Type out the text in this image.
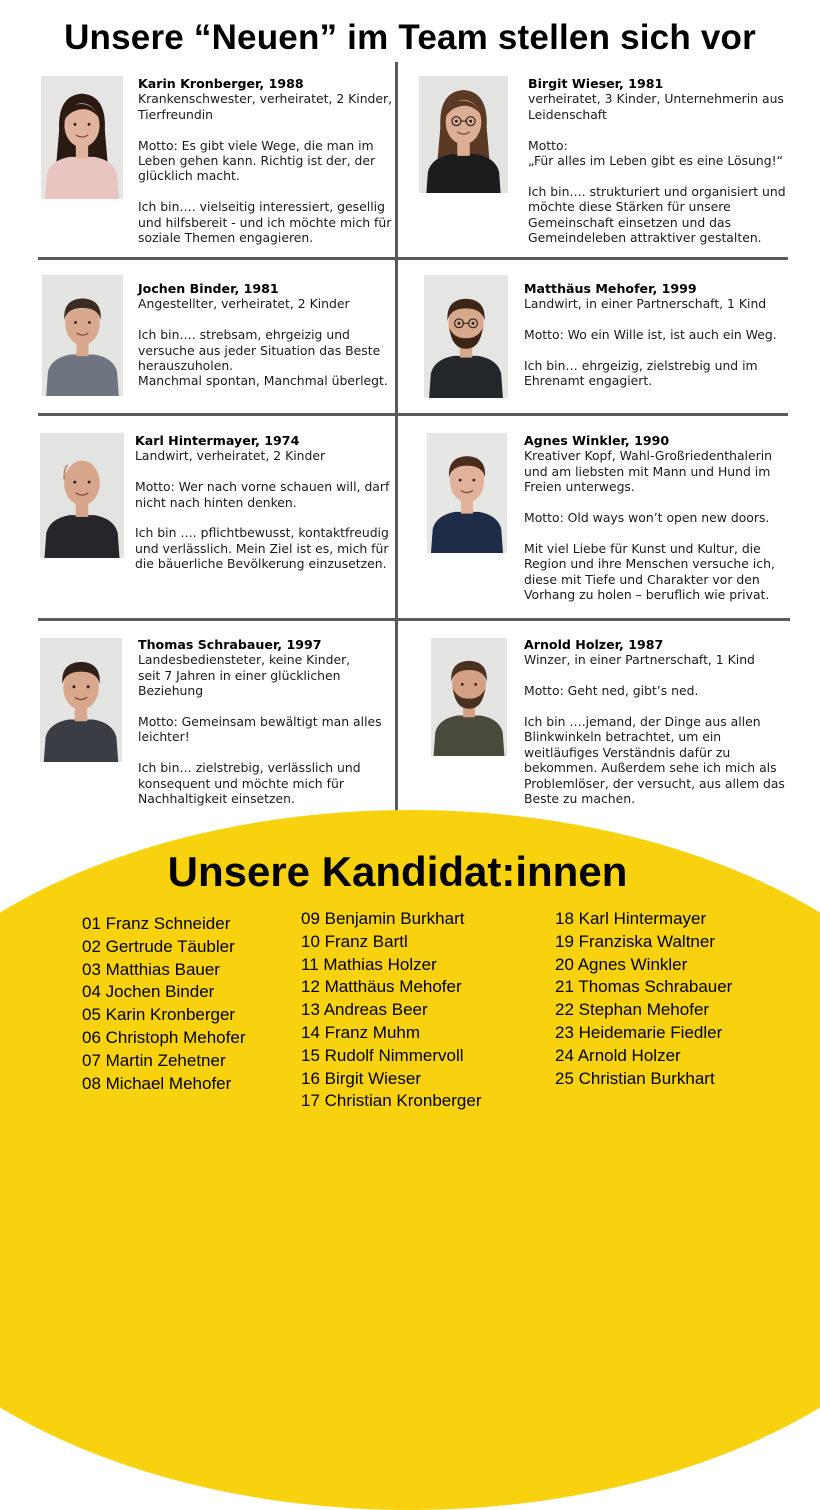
Unsere “Neuen” im Team stellen sich vor
Karin Kronberger, 1988
Krankenschwester, verheiratet, 2 Kinder,
Tierfreundin
Motto: Es gibt viele Wege, die man im
Leben gehen kann. Richtig ist der, der
glücklich macht.
Ich bin…. vielseitig interessiert, gesellig
und hilfsbereit - und ich möchte mich für
soziale Themen engagieren.
Birgit Wieser, 1981
verheiratet, 3 Kinder, Unternehmerin aus
Leidenschaft
Motto:
„Für alles im Leben gibt es eine Lösung!“
Ich bin…. strukturiert und organisiert und
möchte diese Stärken für unsere
Gemeinschaft einsetzen und das
Gemeindeleben attraktiver gestalten.
Jochen Binder, 1981
Angestellter, verheiratet, 2 Kinder
Ich bin…. strebsam, ehrgeizig und
versuche aus jeder Situation das Beste
herauszuholen.
Manchmal spontan, Manchmal überlegt.
Matthäus Mehofer, 1999
Landwirt, in einer Partnerschaft, 1 Kind
Motto: Wo ein Wille ist, ist auch ein Weg.
Ich bin… ehrgeizig, zielstrebig und im
Ehrenamt engagiert.
Karl Hintermayer, 1974
Landwirt, verheiratet, 2 Kinder
Motto: Wer nach vorne schauen will, darf
nicht nach hinten denken.
Ich bin …. pflichtbewusst, kontaktfreudig
und verlässlich. Mein Ziel ist es, mich für
die bäuerliche Bevölkerung einzusetzen.
Agnes Winkler, 1990
Kreativer Kopf, Wahl-Großriedenthalerin
und am liebsten mit Mann und Hund im
Freien unterwegs.
Motto: Old ways won’t open new doors.
Mit viel Liebe für Kunst und Kultur, die
Region und ihre Menschen versuche ich,
diese mit Tiefe und Charakter vor den
Vorhang zu holen – beruflich wie privat.
Thomas Schrabauer, 1997
Landesbediensteter, keine Kinder,
seit 7 Jahren in einer glücklichen
Beziehung
Motto: Gemeinsam bewältigt man alles
leichter!
Ich bin… zielstrebig, verlässlich und
konsequent und möchte mich für
Nachhaltigkeit einsetzen.
Arnold Holzer, 1987
Winzer, in einer Partnerschaft, 1 Kind
Motto: Geht ned, gibt’s ned.
Ich bin ….jemand, der Dinge aus allen
Blinkwinkeln betrachtet, um ein
weitläufiges Verständnis dafür zu
bekommen. Außerdem sehe ich mich als
Problemlöser, der versucht, aus allem das
Beste zu machen.
Unsere Kandidat:innen
01 Franz Schneider
02 Gertrude Täubler
03 Matthias Bauer
04 Jochen Binder
05 Karin Kronberger
06 Christoph Mehofer
07 Martin Zehetner
08 Michael Mehofer
09 Benjamin Burkhart
10 Franz Bartl
11 Mathias Holzer
12 Matthäus Mehofer
13 Andreas Beer
14 Franz Muhm
15 Rudolf Nimmervoll
16 Birgit Wieser
17 Christian Kronberger
18 Karl Hintermayer
19 Franziska Waltner
20 Agnes Winkler
21 Thomas Schrabauer
22 Stephan Mehofer
23 Heidemarie Fiedler
24 Arnold Holzer
25 Christian Burkhart
